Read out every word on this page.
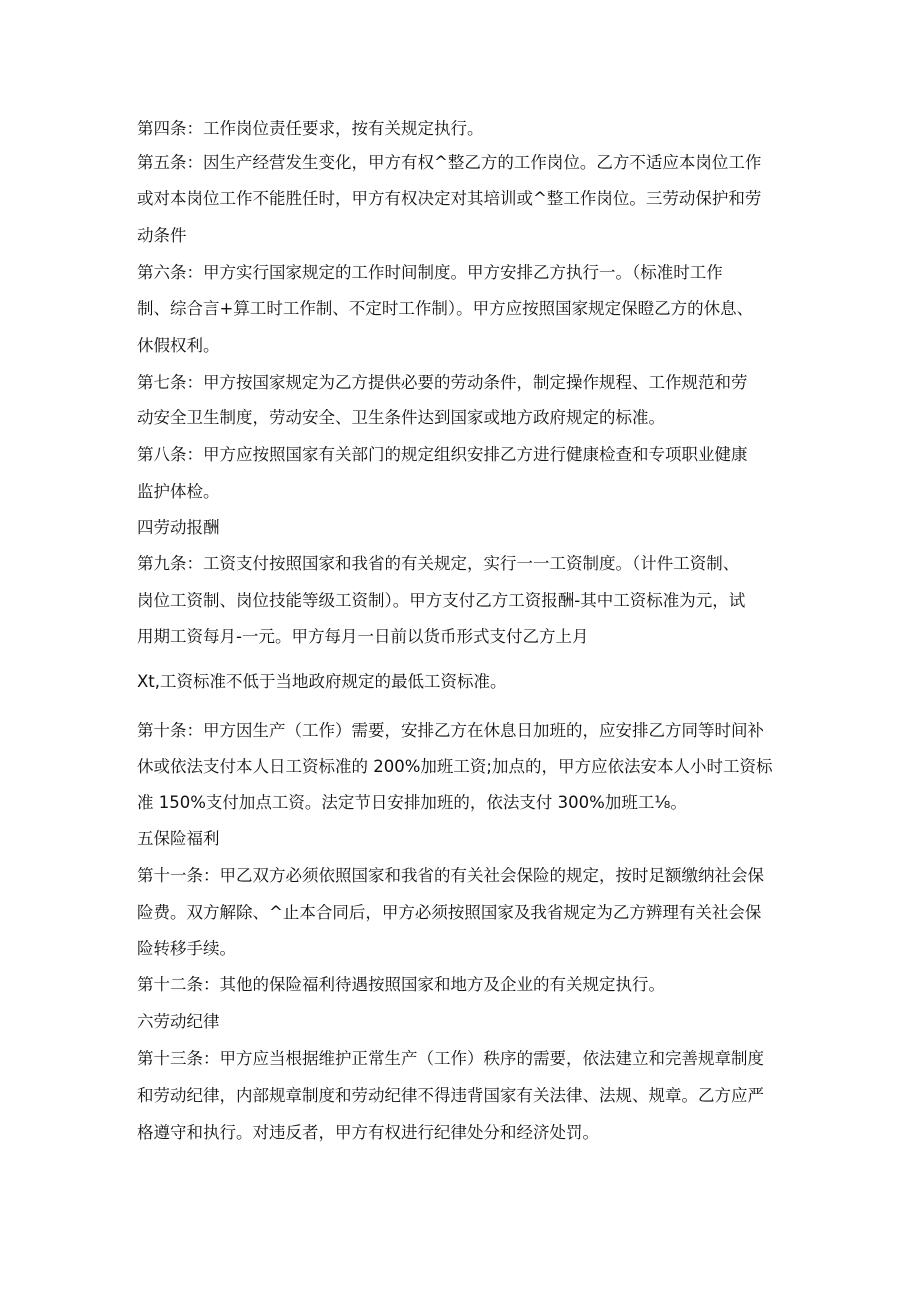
第四条：工作岗位责任要求，按有关规定执行。

第五条：因生产经营发生变化，甲方有权^整乙方的工作岗位。乙方不适应本岗位工作

或对本岗位工作不能胜任时，甲方有权决定对其培训或^整工作岗位。三劳动保护和劳

动条件

第六条：甲方实行国家规定的工作时间制度。甲方安排乙方执行一。（标准时工作

制、综合言+算工时工作制、不定时工作制）。甲方应按照国家规定保瞪乙方的休息、

休假权利。

第七条：甲方按国家规定为乙方提供必要的劳动条件，制定操作规程、工作规范和劳

动安全卫生制度，劳动安全、卫生条件达到国家或地方政府规定的标准。

第八条：甲方应按照国家有关部门的规定组织安排乙方进行健康检查和专项职业健康

监护体检。

四劳动报酬

第九条：工资支付按照国家和我省的有关规定，实行一一工资制度。（计件工资制、

岗位工资制、岗位技能等级工资制）。甲方支付乙方工资报酬-其中工资标准为元，试

用期工资每月-一元。甲方每月一日前以货币形式支付乙方上月

Xt,工资标准不低于当地政府规定的最低工资标准。

第十条：甲方因生产（工作）需要，安排乙方在休息日加班的，应安排乙方同等时间补

休或依法支付本人日工资标准的 200%加班工资;加点的，甲方应依法安本人小时工资标

准 150%支付加点工资。法定节日安排加班的，依法支付 300%加班工⅛。

五保险福利

第十一条：甲乙双方必须依照国家和我省的有关社会保险的规定，按时足额缴纳社会保

险费。双方解除、^止本合同后，甲方必须按照国家及我省规定为乙方辨理有关社会保

险转移手续。

第十二条：其他的保险福利待遇按照国家和地方及企业的有关规定执行。

六劳动纪律

第十三条：甲方应当根据维护正常生产（工作）秩序的需要，依法建立和完善规章制度

和劳动纪律，内部规章制度和劳动纪律不得违背国家有关法律、法规、规章。乙方应严

格遵守和执行。对违反者，甲方有权进行纪律处分和经济处罚。
